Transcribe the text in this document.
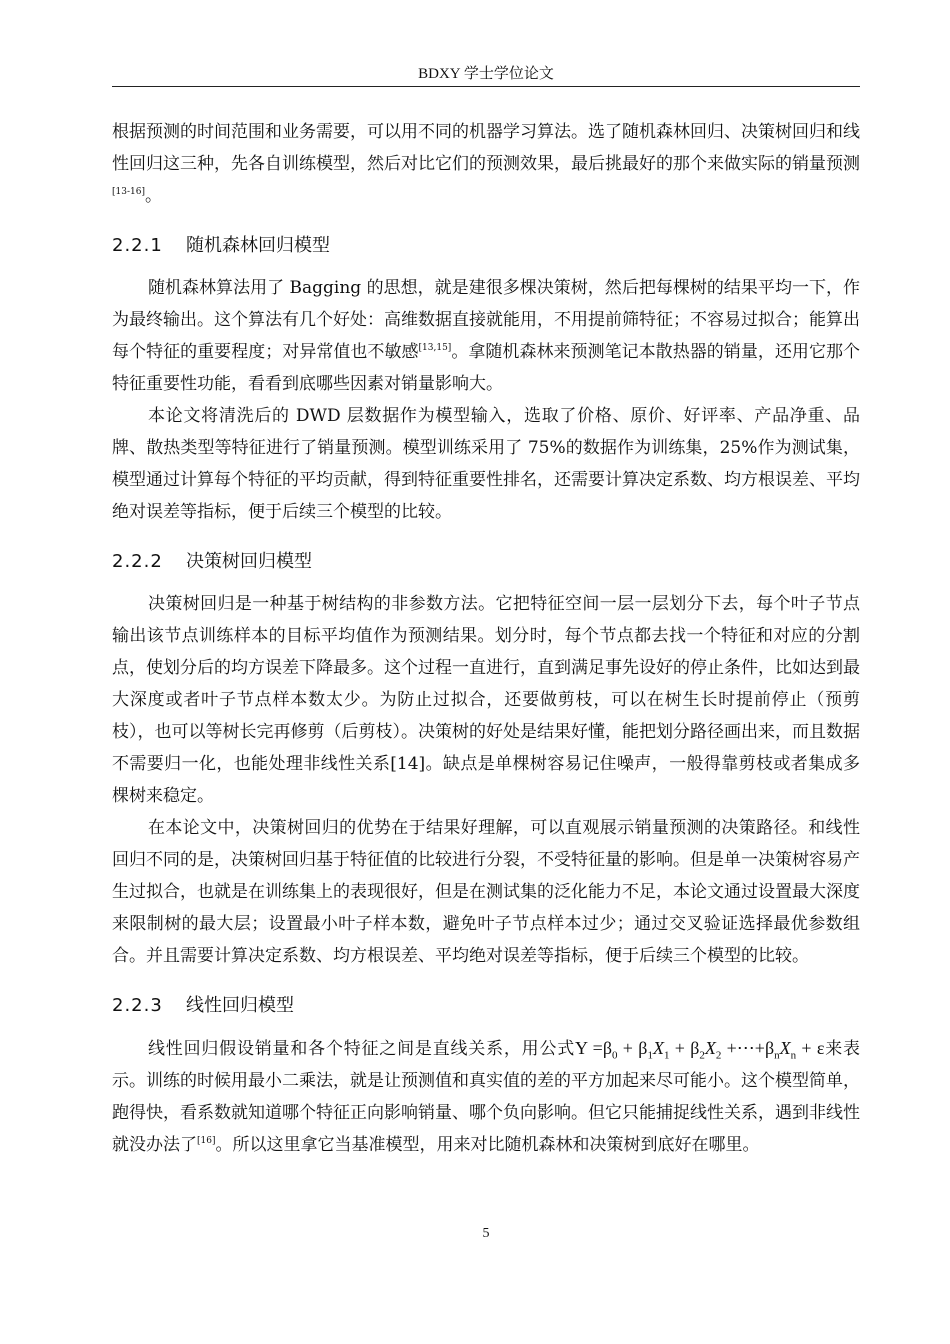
BDXY 学士学位论文

根据预测的时间范围和业务需要，可以用不同的机器学习算法。选了随机森林回归、决策树回归和线性回归这三种，先各自训练模型，然后对比它们的预测效果，最后挑最好的那个来做实际的销量预测[13-16]。

2.2.1 随机森林回归模型

随机森林算法用了 Bagging 的思想，就是建很多棵决策树，然后把每棵树的结果平均一下，作为最终输出。这个算法有几个好处：高维数据直接就能用，不用提前筛特征；不容易过拟合；能算出每个特征的重要程度；对异常值也不敏感[13,15]。拿随机森林来预测笔记本散热器的销量，还用它那个特征重要性功能，看看到底哪些因素对销量影响大。

本论文将清洗后的 DWD 层数据作为模型输入，选取了价格、原价、好评率、产品净重、品牌、散热类型等特征进行了销量预测。模型训练采用了 75%的数据作为训练集，25%作为测试集，模型通过计算每个特征的平均贡献，得到特征重要性排名，还需要计算决定系数、均方根误差、平均绝对误差等指标，便于后续三个模型的比较。

2.2.2 决策树回归模型

决策树回归是一种基于树结构的非参数方法。它把特征空间一层一层划分下去，每个叶子节点输出该节点训练样本的目标平均值作为预测结果。划分时，每个节点都去找一个特征和对应的分割点，使划分后的均方误差下降最多。这个过程一直进行，直到满足事先设好的停止条件，比如达到最大深度或者叶子节点样本数太少。为防止过拟合，还要做剪枝，可以在树生长时提前停止（预剪枝），也可以等树长完再修剪（后剪枝）。决策树的好处是结果好懂，能把划分路径画出来，而且数据不需要归一化，也能处理非线性关系[14]。缺点是单棵树容易记住噪声，一般得靠剪枝或者集成多棵树来稳定。

在本论文中，决策树回归的优势在于结果好理解，可以直观展示销量预测的决策路径。和线性回归不同的是，决策树回归基于特征值的比较进行分裂，不受特征量的影响。但是单一决策树容易产生过拟合，也就是在训练集上的表现很好，但是在测试集的泛化能力不足，本论文通过设置最大深度来限制树的最大层；设置最小叶子样本数，避免叶子节点样本过少；通过交叉验证选择最优参数组合。并且需要计算决定系数、均方根误差、平均绝对误差等指标，便于后续三个模型的比较。

2.2.3 线性回归模型

线性回归假设销量和各个特征之间是直线关系，用公式$Y =\beta_0 + \beta_1X_1 + \beta_2X_2$ $+\cdots+\beta_nX_n + \varepsilon$来表示。训练的时候用最小二乘法，就是让预测值和真实值的差的平方加起来尽可能小。这个模型简单，跑得快，看系数就知道哪个特征正向影响销量、哪个负向影响。但它只能捕捉线性关系，遇到非线性就没办法了[16]。所以这里拿它当基准模型，用来对比随机森林和决策树到底好在哪里。

5
